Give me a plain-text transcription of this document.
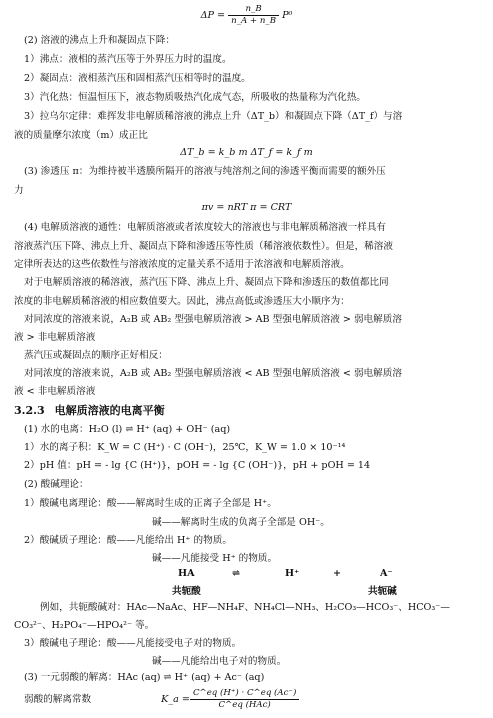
$\Delta P = \frac{n\_B}{n\_A + n\_B} P^0$
(2) 溶液的沸点上升和凝固点下降：
1）沸点：液相的蒸汽压等于外界压力时的温度。
2）凝固点：液相蒸汽压和固相蒸汽压相等时的温度。
3）汽化热：恒温恒压下，液态物质吸热汽化成气态，所吸收的热量称为汽化热。
3）拉乌尔定律：难挥发非电解质稀溶液的沸点上升（ΔT_b）和凝固点下降（ΔT_f）与溶
液的质量摩尔浓度（m）成正比
ΔT_b = k_b m ΔT_f = k_f m
(3) 渗透压 π：为维持被半透膜所隔开的溶液与纯溶剂之间的渗透平衡而需要的额外压
力
πv = nRT π = CRT
(4) 电解质溶液的通性：电解质溶液或者浓度较大的溶液也与非电解质稀溶液一样具有
溶液蒸汽压下降、沸点上升、凝固点下降和渗透压等性质（稀溶液依数性）。但是，稀溶液
定律所表达的这些依数性与溶液浓度的定量关系不适用于浓溶液和电解质溶液。
对于电解质溶液的稀溶液，蒸汽压下降、沸点上升、凝固点下降和渗透压的数值都比同
浓度的非电解质稀溶液的相应数值要大。因此，沸点高低或渗透压大小顺序为：
对同浓度的溶液来说，A₂B 或 AB₂ 型强电解质溶液 > AB 型强电解质溶液 > 弱电解质溶
液 > 非电解质溶液
蒸汽压或凝固点的顺序正好相反：
对同浓度的溶液来说，A₂B 或 AB₂ 型强电解质溶液 < AB 型强电解质溶液 < 弱电解质溶
液 < 非电解质溶液
3.2.3 电解质溶液的电离平衡
(1) 水的电离：H₂O (l) ⇌ H⁺ (aq) + OH⁻ (aq)
1）水的离子积：K_W = C (H⁺) · C (OH⁻)，25℃，K_W = 1.0 × 10⁻¹⁴
2）pH 值：pH = - lg {C (H⁺)}，pOH = - lg {C (OH⁻)}，pH + pOH = 14
(2) 酸碱理论：
1）酸碱电离理论：酸——解离时生成的正离子全部是 H⁺。
碱——解离时生成的负离子全部是 OH⁻。
2）酸碱质子理论：酸——凡能给出 H⁺ 的物质。
碱——凡能接受 H⁺ 的物质。
HA	⇌	H⁺	+	A⁻
共轭酸	共轭碱
例如，共轭酸碱对：HAc—NaAc、HF—NH₄F、NH₄Cl—NH₃、H₂CO₃—HCO₃⁻、HCO₃⁻—
CO₃²⁻、H₂PO₄⁻—HPO₄²⁻ 等。
3）酸碱电子理论：酸——凡能接受电子对的物质。
碱——凡能给出电子对的物质。
(3) 一元弱酸的解离：HAc (aq) ⇌ H⁺ (aq) + Ac⁻ (aq)
弱酸的解离常数	K_a = $\frac{C\^{}eq (H^+) \cdot C\^{}eq (Ac^-)}{\text{C\textasciicircum{}eq (HAc)}}$
